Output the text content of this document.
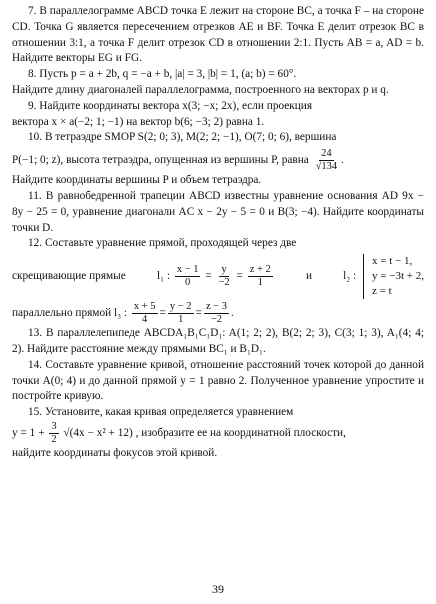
7. В параллелограмме ABCD точка E лежит на стороне BC, а точка F – на стороне CD. Точка G является пересечением отрезков AE и BF. Точка E делит отрезок BC в отношении 3:1, а точка F делит отрезок CD в отношении 2:1. Пусть AB = a, AD = b. Найдите векторы EG и FG.

8. Пусть p = a + 2b, q = −a + b, |a| = 3, |b| = 1, (a; b) = 60°.
Найдите длину диагоналей параллелограмма, построенного на векторах p и q.

9. Найдите координаты вектора x(3; −x; 2x), если проекция
вектора x × a(−2; 1; −1) на вектор b(6; −3; 2) равна 1.

10. В тетраэдре SMOP S(2; 0; 3), M(2; 2; −1), O(7; 0; 6), вершина
P(−1; 0; z), высота тетраэдра, опущенная из вершины P, равна $\frac{24}{√134}$ .
Найдите координаты вершины P и объем тетраэдра.

11. В равнобедренной трапеции ABCD известны уравнение основания AD 9x − 8y − 25 = 0, уравнение диагонали AC x − 2y − 5 = 0 и B(3; −4). Найдите координаты точки D.

12. Составьте уравнение прямой, проходящей через две

скрещивающие прямые	l₁ : $\frac{x - 1}{0} = \frac{y}{-2} = \frac{z + 2}{1}$	и	l₂ :
x = t − 1,
y = −3t + 2,
z = t
параллельно прямой l₃ : $\frac{x + 5}{4} = \frac{y - 2}{1} = \frac{z - 3}{-2}$ .

13. В параллелепипеде ABCDA₁B₁C₁D₁: A(1; 2; 2), B(2; 2; 3), C(3; 1; 3), A₁(4; 4; 2). Найдите расстояние между прямыми BC₁ и B₁D₁.

14. Составьте уравнение кривой, отношение расстояний точек которой до данной точки A(0; 4) и до данной прямой y = 1 равно 2. Полученное уравнение упростите и постройте кривую.

15. Установите, какая кривая определяется уравнением

$y = 1 + \frac{3}{2} √(4x - x^2 + 12)$ , изобразите ее на координатной плоскости,
найдите координаты фокусов этой кривой.
39
